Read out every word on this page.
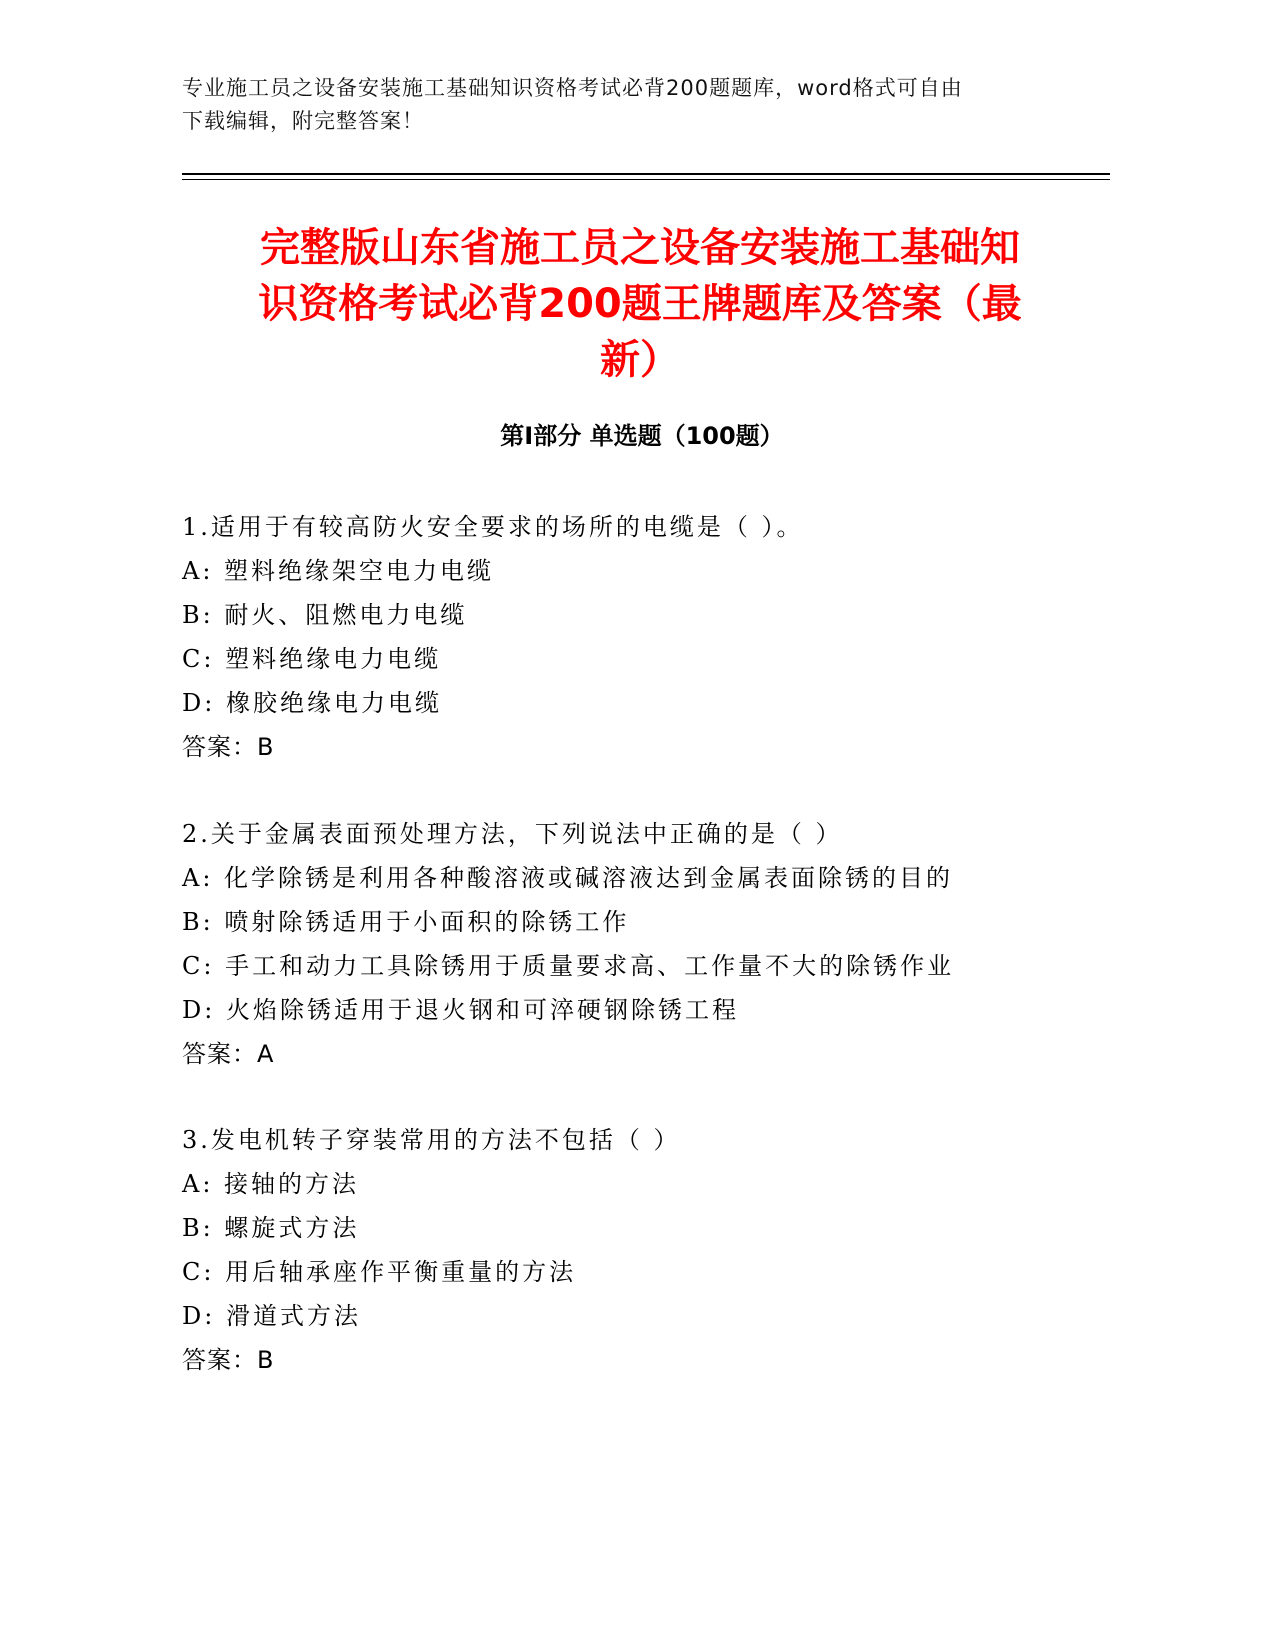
专业施工员之设备安装施工基础知识资格考试必背200题题库，word格式可自由
下载编辑，附完整答案！
完整版山东省施工员之设备安装施工基础知
识资格考试必背200题王牌题库及答案（最
新）
第I部分 单选题（100题）
1.适用于有较高防火安全要求的场所的电缆是（ ）。
A: 塑料绝缘架空电力电缆
B: 耐火、阻燃电力电缆
C: 塑料绝缘电力电缆
D: 橡胶绝缘电力电缆
答案：B
2.关于金属表面预处理方法，下列说法中正确的是（ ）
A: 化学除锈是利用各种酸溶液或碱溶液达到金属表面除锈的目的
B: 喷射除锈适用于小面积的除锈工作
C: 手工和动力工具除锈用于质量要求高、工作量不大的除锈作业
D: 火焰除锈适用于退火钢和可淬硬钢除锈工程
答案：A
3.发电机转子穿装常用的方法不包括（ ）
A: 接轴的方法
B: 螺旋式方法
C: 用后轴承座作平衡重量的方法
D: 滑道式方法
答案：B
